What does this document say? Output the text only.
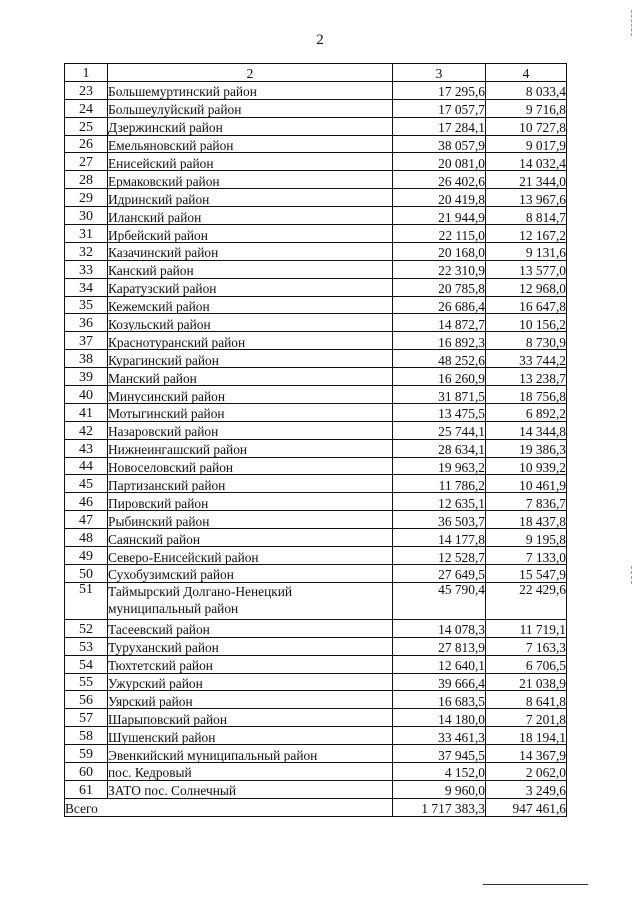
2
1	2	3	4
23	Большемуртинский район	17 295,6	8 033,4
24	Большеулуйский район	17 057,7	9 716,8
25	Дзержинский район	17 284,1	10 727,8
26	Емельяновский район	38 057,9	9 017,9
27	Енисейский район	20 081,0	14 032,4
28	Ермаковский район	26 402,6	21 344,0
29	Идринский район	20 419,8	13 967,6
30	Иланский район	21 944,9	8 814,7
31	Ирбейский район	22 115,0	12 167,2
32	Казачинский район	20 168,0	9 131,6
33	Канский район	22 310,9	13 577,0
34	Каратузский район	20 785,8	12 968,0
35	Кежемский район	26 686,4	16 647,8
36	Козульский район	14 872,7	10 156,2
37	Краснотуранский район	16 892,3	8 730,9
38	Курагинский район	48 252,6	33 744,2
39	Манский район	16 260,9	13 238,7
40	Минусинский район	31 871,5	18 756,8
41	Мотыгинский район	13 475,5	6 892,2
42	Назаровский район	25 744,1	14 344,8
43	Нижнеингашский район	28 634,1	19 386,3
44	Новоселовский район	19 963,2	10 939,2
45	Партизанский район	11 786,2	10 461,9
46	Пировский район	12 635,1	7 836,7
47	Рыбинский район	36 503,7	18 437,8
48	Саянский район	14 177,8	9 195,8
49	Северо-Енисейский район	12 528,7	7 133,0
50	Сухобузимский район	27 649,5	15 547,9
51	Таймырский Долгано-Ненецкий
муниципальный район	45 790,4	22 429,6
52	Тасеевский район	14 078,3	11 719,1
53	Туруханский район	27 813,9	7 163,3
54	Тюхтетский район	12 640,1	6 706,5
55	Ужурский район	39 666,4	21 038,9
56	Уярский район	16 683,5	8 641,8
57	Шарыповский район	14 180,0	7 201,8
58	Шушенский район	33 461,3	18 194,1
59	Эвенкийский муниципальный район	37 945,5	14 367,9
60	пос. Кедровый	4 152,0	2 062,0
61	ЗАТО пос. Солнечный	9 960,0	3 249,6
Всего		1 717 383,3	947 461,6
